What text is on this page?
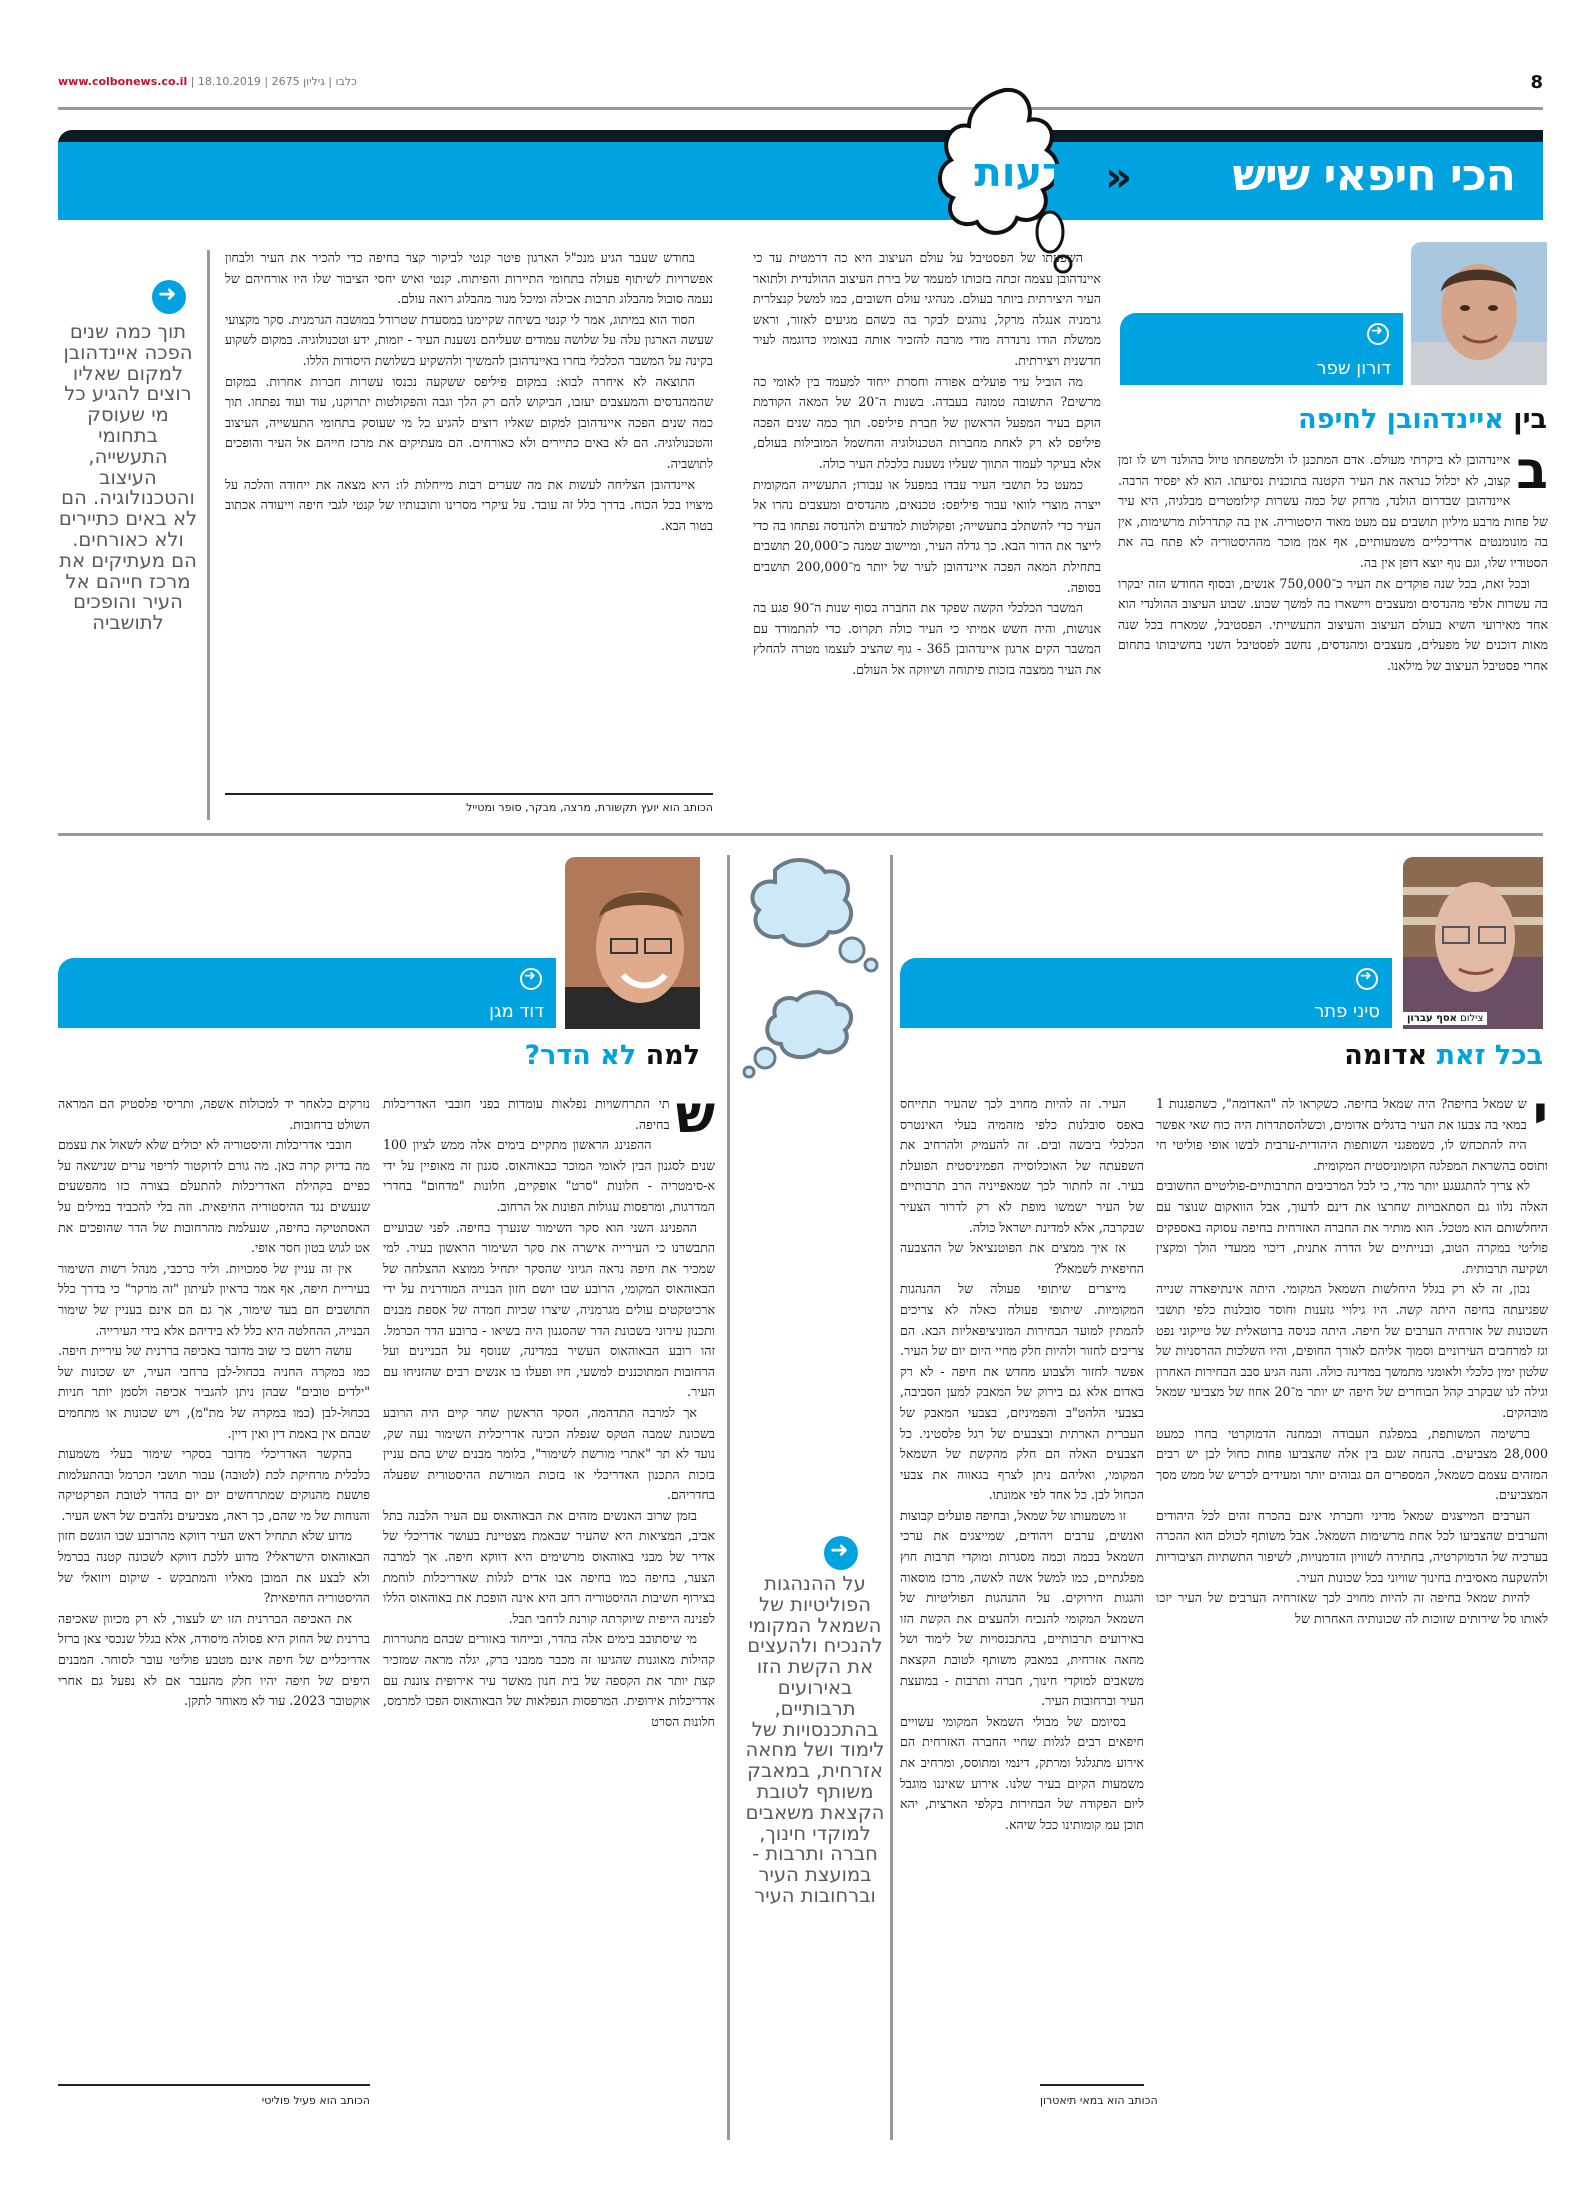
www.colbonews.co.il |	כלבו | גיליון 2675 | 18.10.2019	8
הכי חיפאי שיש
»
דעות
➜
דורון שפר
בין איינדהובן לחיפה
ב

איינדהובן לא ביקרתי מעולם. אדם המתכנן לו ולמשפחתו טיול בהולנד ויש לו זמן קצוב, לא יכלול כנראה את העיר הקטנה בתוכנית נסיעתו. הוא לא יפסיד הרבה. איינדהובן שבדרום הולנד, מרחק של כמה עשרות קילומטרים מבלגיה, היא עיר של פחות מרבע מיליון תושבים עם מעט מאוד היסטוריה. אין בה קתדרלות מרשימות, אין בה מונומנטים ארדיכליים משמעותיים, אף אמן מוכר מההיסטוריה לא פתח בה את הסטודיו שלו, וגם נוף יוצא דופן אין בה.

ובכל זאת, בכל שנה פוקדים את העיר כ־750,000 אנשים, ובסוף החודש הזה יבקרו בה עשרות אלפי מהנדסים ומעצבים ויישארו בה למשך שבוע. שבוע העיצוב ההולנדי הוא אחד מאירועי השיא בעולם העיצוב והעיצוב התעשייתי. הפסטיבל, שמארח בכל שנה מאות דוכנים של מפעלים, מעצבים ומהנדסים, נחשב לפסטיבל השני בחשיבותו בתחום אחרי פסטיבל העיצוב של מילאנו.

השפעתו של הפסטיבל על עולם העיצוב היא כה דרמטית עד כי איינדהובן עצמה זכתה בזכותו למעמד של בירת העיצוב ההולנדית ולתואר העיר היצירתית ביותר בעולם. מנהיגי עולם חשובים, כמו למשל קנצלרית גרמניה אנגלה מרקל, נוהגים לבקר בה כשהם מגיעים לאזור, וראש ממשלת הודו נרנדרה מודי מרבה להזכיר אותה בנאומיו כדוגמה לעיר חדשנית ויצירתית.

מה הוביל עיר פועלים אפורה וחסרת ייחוד למעמד בין לאומי כה מרשים? התשובה טמונה בעבדה. בשנות ה־20 של המאה הקודמת הוקם בעיר המפעל הראשון של חברת פיליפס. תוך כמה שנים הפכה פיליפס לא רק לאחת מחברות הטכנולוגיה והחשמל המובילות בעולם, אלא בעיקר לעמוד התווך שעליו נשענת כלכלת העיר כולה.

כמעט כל תושבי העיר עבדו במפעל או עבורו; התעשייה המקומית ייצרה מוצרי לוואי עבור פיליפס: טכנאים, מהנדסים ומעצבים נהרו אל העיר כדי להשתלב בתעשייה; ופקולטות למדעים ולהנדסה נפתחו בה כדי לייצר את הדור הבא. כך גדלה העיר, ומיישוב שמנה כ־20,000 תושבים בתחילת המאה הפכה איינדהובן לעיר של יותר מ־200,000 תושבים בסופה.

המשבר הכלכלי הקשה שפקד את החברה בסוף שנות ה־90 פגע בה אנושות, והיה חשש אמיתי כי העיר כולה תקרוס. כדי להתמודד עם המשבר הקים ארגון איינדהובן 365 - גוף שהציב לעצמו מטרה להחלץ את העיר ממצבה בזכות פיתוחה ושיווקה אל העולם.

בחודש שעבר הגיע מנכ"ל הארגון פיטר קנטי לביקור קצר בחיפה כדי להכיר את העיר ולבחון אפשרויות לשיתוף פעולה בתחומי התיירות והפיתוח. קנטי ואיש יחסי הציבור שלו היו אורחיהם של נעמה סובול מהבלוג תרבות אכילה ומיכל מנור מהבלוג רואה עולם.

הסוד הוא במיתוג, אמר לי קנטי בשיחה שקיימנו במסעדת שטרודל במושבה הגרמנית. סקר מקצועי שעשה הארגון עלה על שלושה עמודים שעליהם נשענת העיר - יזמות, ידע וטכנולוגיה. במקום לשקוע בקינה על המשבר הכלכלי בחרו באיינדהובן להמשיך ולהשקיע בשלושת היסודות הללו.

התוצאה לא איחרה לבוא: במקום פיליפס ששקעה נכנסו עשרות חברות אחרות. במקום שהמהנדסים והמעצבים יעזבו, הביקוש להם רק הלך וגבה והפקולטות יתרוקנו, עוד ועוד נפתחו. תוך כמה שנים הפכה איינדהובן למקום שאליו רוצים להגיע כל מי שעוסק בתחומי התעשייה, העיצוב והטכנולוגיה. הם לא באים כתיירים ולא כאורחים. הם מעתיקים את מרכז חייהם אל העיר והופכים לתושביה.

איינדהובן הצליחה לעשות את מה שערים רבות מייחלות לו: היא מצאה את ייחודה והלכה על מיצויו בכל הכוח. בדרך כלל זה עובד. על עיקרי מסרינו ותובנותיו של קנטי לגבי חיפה וייעודה אכתוב בטור הבא.

הכותב הוא יועץ תקשורת, מרצה, מבקר, סופר ומטייל
➜
תוך כמה שנים הפכה איינדהובן למקום שאליו רוצים להגיע כל מי שעוסק בתחומי התעשייה, העיצוב והטכנולוגיה. הם לא באים כתיירים ולא כאורחים. הם מעתיקים את מרכז חייהם אל העיר והופכים לתושביה
צילום אסף עברון
➜
סיני פתר
בכל זאת אדומה
י

ש שמאל בחיפה? היה שמאל בחיפה. כשקראו לה "האדומה", כשהפגנות 1 במאי בה צבעו את העיר בדגלים אדומים, וכשלהסתדרות היה כוח שאי אפשר היה להתכחש לו, כשמפגני השותפות היהודית-ערבית לבשו אופי פוליטי חי ותוסס בהשראת המפלגה הקומוניסטית המקומית.

לא צריך להתגעגע יותר מדי, כי לכל המרכיבים התרבותיים-פוליטיים החשובים האלה נלוו גם הסתאבויות שחרצו את דינם לדעוך, אבל הוואקום שנוצר עם היחלשותם הוא מטכל. הוא מותיר את החברה האזרחית בחיפה עסוקה באספקים פוליטי במקרה הטוב, ובנייתיים של הדרה אתנית, דיכוי ממעדי הולך ומקצין ושקיעה תרבותית.

נכון, זה לא רק בגלל היחלשות השמאל המקומי. היתה אינתיפאדה שנייה שפגיעתה בחיפה היתה קשה. היו גילויי גזענות וחוסר סובלנות כלפי תושבי השכונות של אזרחיה הערבים של חיפה. היתה כניסה ברוטאלית של טייקוני נפט וגז למרחבים העירוניים וסמוך אליהם לאורך החופים, והיו השלכות ההרסניות של שלטון ימין כלכלי ולאומני מתמשך במדינה כולה. והנה הגיע סבב הבחירות האחרון וגילה לנו שבקרב קהל הבוחרים של חיפה יש יותר מ־20 אחוז של מצביעי שמאל מובהקים.

ברשימה המשותפת, במפלגת העבודה ובמחנה הדמוקרטי בחרו כמעט 28,000 מצביעים. בהנחה שגם בין אלה שהצביעו פחות כחול לבן יש רבים המזהים עצמם כשמאל, המספרים הם גבוהים יותר ומעידים לכריש של ממש מסך המצביעים.

הערבים המייצגים שמאל מדיני וחברתי אינם בהכרח זהים לכל היהודים והערבים שהצביעו לכל אחת מרשימות השמאל. אבל משותף לכולם הוא ההכרה בערכיה של הדמוקרטיה, בחתירה לשוויון הזדמנויות, לשיפור התשתיות הציבוריות ולהשקעה מאסיבית בחינוך שוויוני בכל שכונות העיר.

להיות שמאל בחיפה זה להיות מחויב לכך שאזרחיה הערבים של העיר יזכו לאותו סל שירותים שזוכות לה שכונותיה האחרות של

העיר. זה להיות מחויב לכך שהעיר תתייחס באפס סובלנות כלפי מזהמיה בעלי האינטרס הכלכלי ביבשה ובים. זה להעמיק ולהרחיב את השפעתה של האוכלוסייה הפמיניסטית הפועלת בעיר. זה לחתור לכך שמאפייניה הרב תרבותיים של העיר ישמשו מופת לא רק לדרור הצעיר שבקרבה, אלא למדינת ישראל כולה.

אז איך ממצים את הפוטנציאל של ההצבעה החיפאית לשמאל?

מייצרים שיתופי פעולה של ההנהגות המקומיות. שיתופי פעולה כאלה לא צריכים להמתין למועד הבחירות המוניציפאליות הבא. הם צריכים לחזור ולהיות חלק מחיי היום יום של העיר. אפשר לחזור ולצבוע מחדש את חיפה - לא רק באדום אלא גם בירוק של המאבק למען הסביבה, בצבעי הלהט"ב והפמיניזם, בצבעי המאבק של העברית הארתית ובצבעים של רגל פלסטיני. כל הצבעים האלה הם חלק מהקשת של השמאל המקומי, ואליהם ניתן לצרף בגאווה את צבעי הכחול לבן. כל אחד לפי אמונתו.

זו משמעותו של שמאל, ובחיפה פועלים קבוצות ואנשים, ערבים ויהודים, שמייצגים את ערכי השמאל בכמה וכמה מסגרות ומוקדי תרבות חוץ מפלגתיים, כמו למשל אשה לאשה, מרכז מוסאוה והגגות הירוקים. על ההנהגות הפוליטיות של השמאל המקומי להנכיח ולהעצים את הקשת הזו באירועים תרבותיים, בהתכנסויות של לימוד ושל מחאה אזרחית, במאבק משותף לטובת הקצאת משאבים למוקדי חינוך, חברה ותרבות - במועצת העיר וברחובות העיר.

בסיומם של מבולי השמאל המקומי עשויים חיפאים רבים לגלות שחיי החברה האזרחית הם אירוע מתגלגל ומרתק, דינמי ומתוסס, ומרחיב את משמעות הקיום בעיר שלנו. אירוע שאיננו מוגבל ליום הפקודה של הבחירות בקלפי הארצית, יהא תוכן עמ קומותינו ככל שיהא.

הכותב הוא במאי תיאטרון
➜
על ההנהגות הפוליטיות של השמאל המקומי להנכיח ולהעצים את הקשת הזו באירועים תרבותיים, בהתכנסויות של לימוד ושל מחאה אזרחית, במאבק משותף לטובת הקצאת משאבים למוקדי חינוך, חברה ותרבות - במועצת העיר וברחובות העיר
➜
דוד מגן
למה לא הדר?
ש

תי התרחשויות נפלאות עומדות בפני חובבי האדריכלות בחיפה.

ההפנינג הראשון מתקיים בימים אלה ממש לציון 100 שנים לסגנון הבין לאומי המוכר כבאוהאוס. סגנון זה מאופיין על ידי א-סימטריה - חלונות "סרט" אופקיים, חלונות "מדחום" בחדרי המדרגות, ומרפסות עגולות הפונות אל הרחוב.

ההפנינג השני הוא סקר השימור שנערך בחיפה. לפני שבועיים התבשרנו כי העירייה אישרה את סקר השימור הראשון בעיר. למי שמכיר את חיפה נראה הגיוני שהסקר יתחיל ממוצא ההצלחה של הבאוהאוס המקומי, הרובע שבו יושם חזון הבנייה המודרנית על ידי ארכיטקטים עולים מגרמניה, שיצרו שכיות חמדה של אספת מבנים ותכנון עירוני בשכונת הדר שהסגנון היה בשיאו - ברובע הדר הכרמל. זהו רובע הבאוהאוס העשיר במדינה, שנוסף על הבניינים ועל הרחובות המתוכננים למשעי, חיו ופעלו בו אנשים רבים שהזניחו עם העיר.

אך למרבה התדהמה, הסקר הראשון שחר קיים היה הרובע בשכונת שמבה הטקס שנפלה הכינה אדריכלית השימור נעה שק, נועד לא תר "אתרי מורשת לשימור", כלומר מבנים שיש בהם עניין בזכות התכנון האדריכלי או בזכות המורשת ההיסטורית שפעלה בחדריהם.

בזמן שרוב האנשים מזהים את הבאוהאוס עם העיר הלבנה בתל אביב, המציאות היא שהעיר שבאמת מצטיינת בעושר אדריכלי של אדיר של מבני באוהאוס מרשימים היא דווקא חיפה. אך למרבה הצער, בחיפה כמו בחיפה אבו אדים לגלות שאדריכלות לוחמת בצירוף חשיבות ההיסטוריה רחב היא אינה הופכת את באוהאוס הללו לפנינה הייפית שיוקרתה קורנת לרחבי תבל.

מי שיסתובב בימים אלה בהדר, ובייחוד באזורים שבהם מתגוררות קהילות מאוגנות שהגיעו זה מכבר ממבני ברק, יגלה מראה שמזכיר קצת יותר את הקספה של בית חנון מאשר עיר אירופית צוננת עם אדריכלות אירופית. המרפסות הנפלאות של הבאוהאוס הפכו למרמס, חלונות הסרט

נזרקים כלאחר יד למכולות אשפה, ותריסי פלסטיק הם המראה השולט ברחובות.

חובבי אדריכלות והיסטוריה לא יכולים שלא לשאול את עצמם מה בדיוק קרה כאן. מה גורם לדוקטור לריפוי ערים שנישאה על כפיים בקהילת האדריכלות להתעלם בצורה כזו מהפשעים שנעשים נגד ההיסטוריה החיפאית. וזה בלי להכביד במילים על האסתטיקה בחיפה, שנעלמת מהרחובות של הדר שהופכים את אט לגוש בטון חסר אופי.

אין זה עניין של סמכויות. וליר כרכבי, מנהל רשות השימור בעיריית חיפה, אף אמר בראיון לעיתון "זה מרקר" כי בדרך כלל התושבים הם בעד שימור, אך גם הם אינם בעניין של שימור הבנייה, ההחלטה היא כלל לא בידיהם אלא בידי העירייה.

עושה רושם כי שוב מדובר באכיפה בררנית של עיריית חיפה. כמו במקרה החניה בכחול-לבן ברחבי העיר, יש שכונות של "ילדים טובים" שבהן ניתן להגביר אכיפה ולסמן יותר חניות בכחול-לבן (כמו במקרה של מת"מ), ויש שכונות או מתחמים שבהם אין באמת דין ואין דיין.

בהקשר האדריכלי מדובר בסקרי שימור בעלי משמעות כלכלית מרחיקת לכת (לטובה) עבור תושבי הכרמל ובהתעלמות פושעת מהנוקים שמתרחשים יום יום בהדר לטובת הפרקטיקה והנוחות של מי שהם, כך ראה, מצביעים נלהבים של ראש העיר.

מדוע שלא תתחיל ראש העיר דווקא מהרובע שבו הוגשם חזון הבאוהאוס הישראלי? מדוע ללכת דווקא לשכונה קטנה בכרמל ולא לבצע את המובן מאליו והמתבקש - שיקום ויזואלי של ההיסטוריה החיפאית?

את האכיפה הבררנית הזו יש לעצור, לא רק מכיוון שאכיפה בררנית של החוק היא פסולה מיסודה, אלא בגלל שנכסי צאן ברזל אדריכליים של חיפה אינם מטבע פוליטי עובר לסוחר. המבנים היפים של חיפה יהיו חלק מהעבר אם לא נפעל גם אחרי אוקטובר 2023. עוד לא מאוחר לתקן.

הכותב הוא פעיל פוליטי
